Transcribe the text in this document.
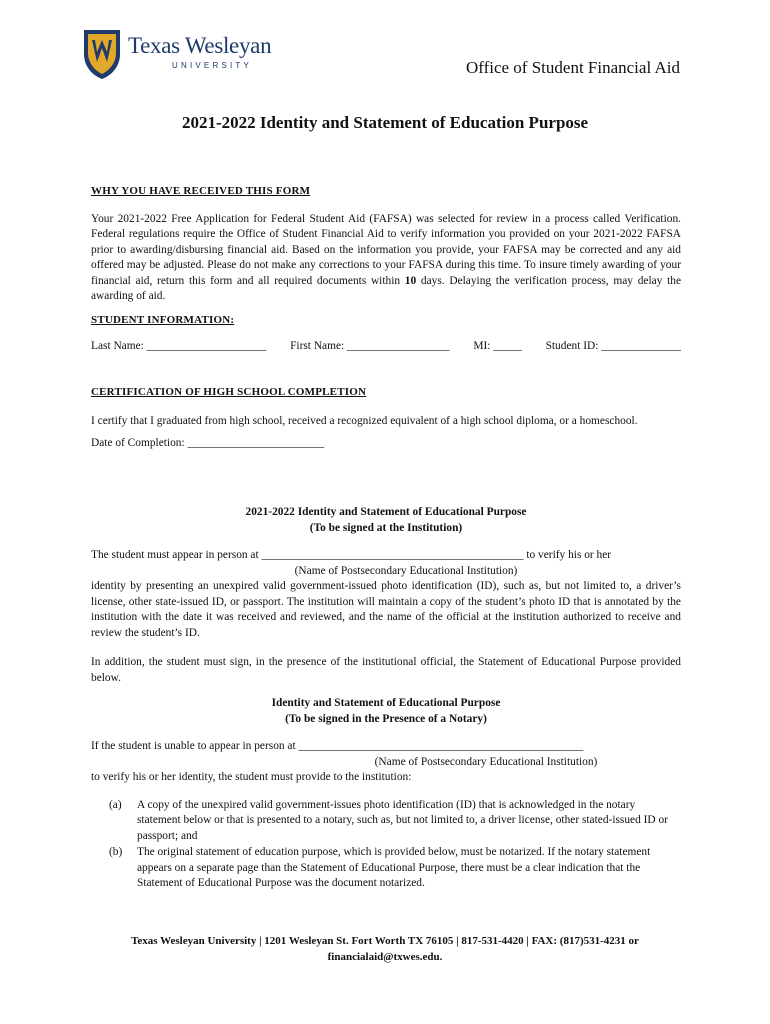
Texas Wesleyan
UNIVERSITY	Office of Student Financial Aid
2021-2022 Identity and Statement of Education Purpose
WHY YOU HAVE RECEIVED THIS FORM
Your 2021-2022 Free Application for Federal Student Aid (FAFSA) was selected for review in a process called Verification. Federal regulations require the Office of Student Financial Aid to verify information you provided on your 2021-2022 FAFSA prior to awarding/disbursing financial aid. Based on the information you provide, your FAFSA may be corrected and any aid offered may be adjusted. Please do not make any corrections to your FAFSA during this time. To insure timely awarding of your financial aid, return this form and all required documents within 10 days. Delaying the verification process, may delay the awarding of aid.
STUDENT INFORMATION:
Last Name: _____________________ First Name: __________________ MI: _____ Student ID: ______________
CERTIFICATION OF HIGH SCHOOL COMPLETION
I certify that I graduated from high school, received a recognized equivalent of a high school diploma, or a homeschool.
Date of Completion: ________________________
2021-2022 Identity and Statement of Educational Purpose
(To be signed at the Institution)
The student must appear in person at ______________________________________________ to verify his or her
(Name of Postsecondary Educational Institution)
identity by presenting an unexpired valid government-issued photo identification (ID), such as, but not limited to, a driver’s license, other state-issued ID, or passport. The institution will maintain a copy of the student’s photo ID that is annotated by the institution with the date it was received and reviewed, and the name of the official at the institution authorized to receive and review the student’s ID.
In addition, the student must sign, in the presence of the institutional official, the Statement of Educational Purpose provided below.
Identity and Statement of Educational Purpose
(To be signed in the Presence of a Notary)
If the student is unable to appear in person at __________________________________________________
(Name of Postsecondary Educational Institution)
to verify his or her identity, the student must provide to the institution:
(a)	A copy of the unexpired valid government-issues photo identification (ID) that is acknowledged in the notary statement below or that is presented to a notary, such as, but not limited to, a driver license, other stated-issued ID or passport; and
(b)	The original statement of education purpose, which is provided below, must be notarized. If the notary statement appears on a separate page than the Statement of Educational Purpose, there must be a clear indication that the Statement of Educational Purpose was the document notarized.
Texas Wesleyan University | 1201 Wesleyan St. Fort Worth TX 76105 | 817-531-4420 | FAX: (817)531-4231 or
financialaid@txwes.edu.
